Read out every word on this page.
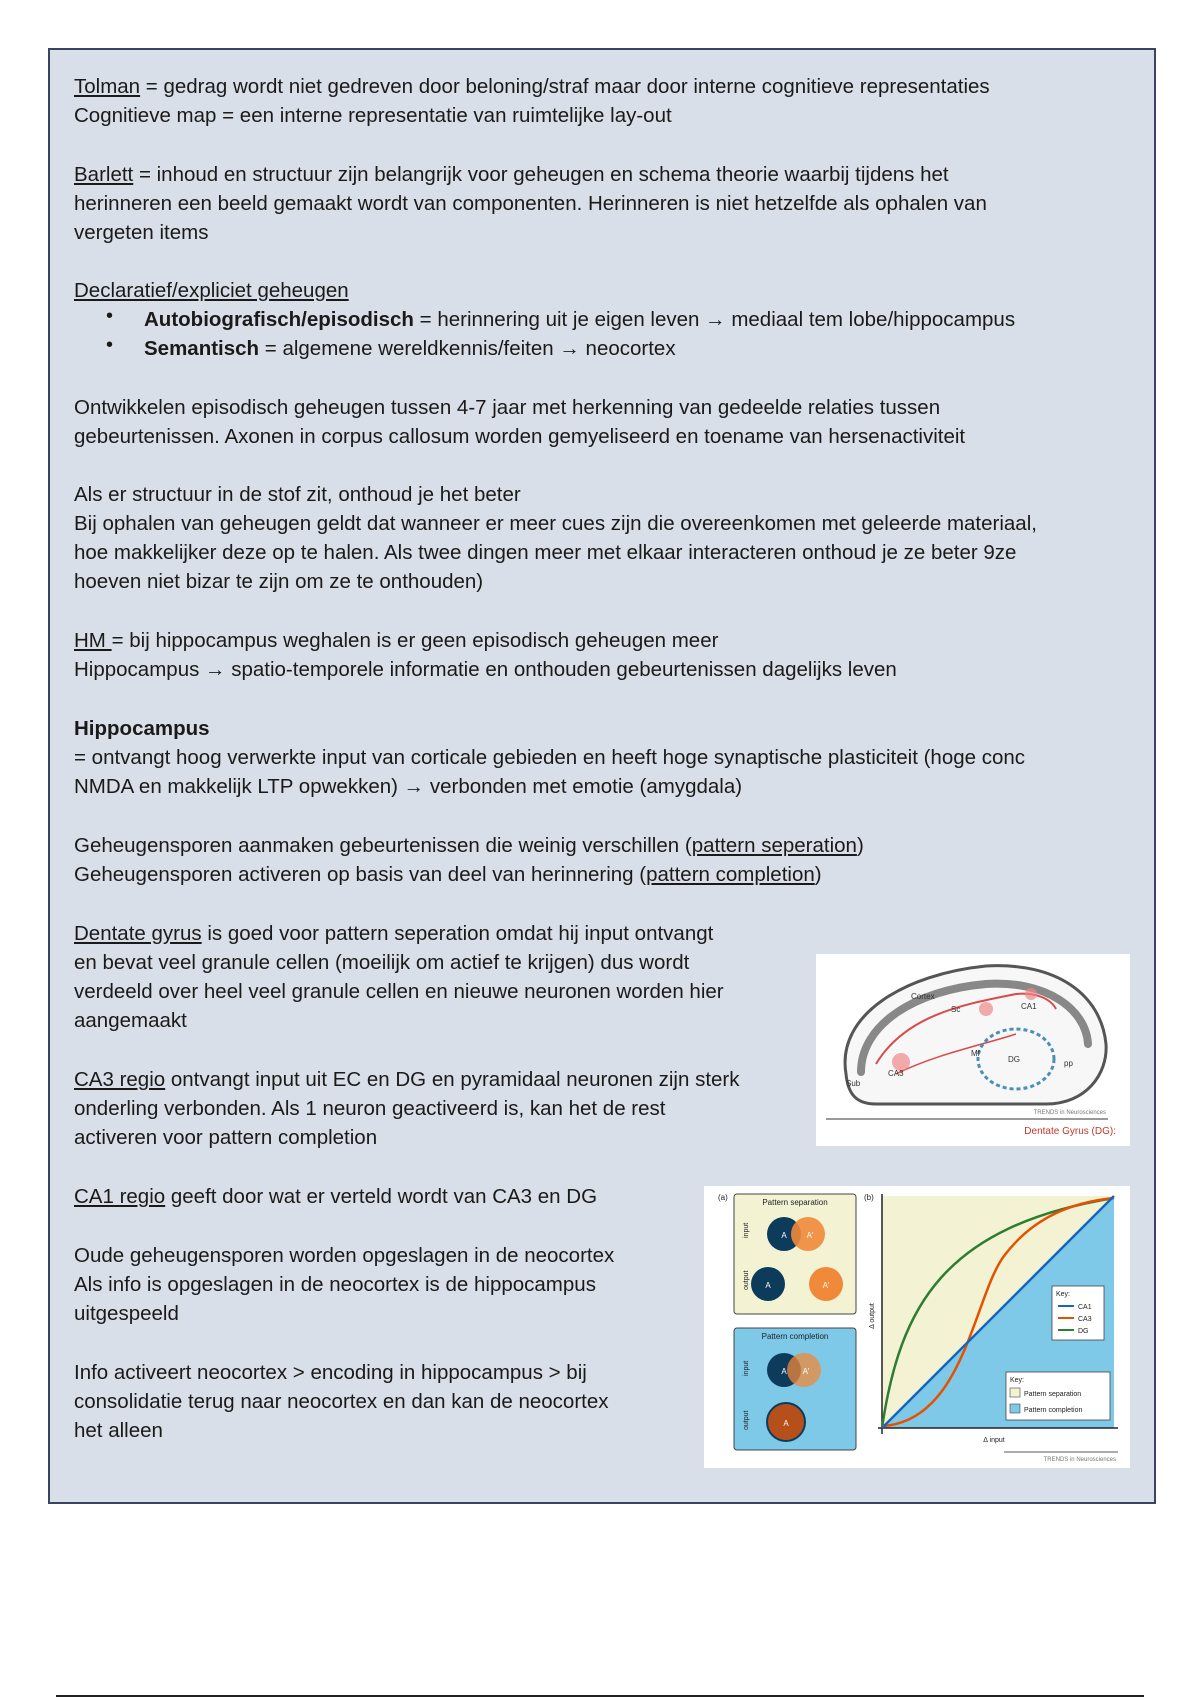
Tolman = gedrag wordt niet gedreven door beloning/straf maar door interne cognitieve representaties
Cognitieve map = een interne representatie van ruimtelijke lay-out
Barlett = inhoud en structuur zijn belangrijk voor geheugen en schema theorie waarbij tijdens het
herinneren een beeld gemaakt wordt van componenten. Herinneren is niet hetzelfde als ophalen van
vergeten items
Declaratief/expliciet geheugen
• Autobiografisch/episodisch = herinnering uit je eigen leven → mediaal tem lobe/hippocampus
• Semantisch = algemene wereldkennis/feiten → neocortex
Ontwikkelen episodisch geheugen tussen 4-7 jaar met herkenning van gedeelde relaties tussen
gebeurtenissen. Axonen in corpus callosum worden gemyeliseerd en toename van hersenactiviteit
Als er structuur in de stof zit, onthoud je het beter
Bij ophalen van geheugen geldt dat wanneer er meer cues zijn die overeenkomen met geleerde materiaal,
hoe makkelijker deze op te halen. Als twee dingen meer met elkaar interacteren onthoud je ze beter 9ze
hoeven niet bizar te zijn om ze te onthouden)
HM = bij hippocampus weghalen is er geen episodisch geheugen meer
Hippocampus → spatio-temporele informatie en onthouden gebeurtenissen dagelijks leven
Hippocampus
= ontvangt hoog verwerkte input van corticale gebieden en heeft hoge synaptische plasticiteit (hoge conc
NMDA en makkelijk LTP opwekken) → verbonden met emotie (amygdala)
Geheugensporen aanmaken gebeurtenissen die weinig verschillen (pattern seperation)
Geheugensporen activeren op basis van deel van herinnering (pattern completion)
Dentate gyrus is goed voor pattern seperation omdat hij input ontvangt
en bevat veel granule cellen (moeilijk om actief te krijgen) dus wordt
verdeeld over heel veel granule cellen en nieuwe neuronen worden hier
aangemaakt
CA3 regio ontvangt input uit EC en DG en pyramidaal neuronen zijn sterk
onderling verbonden. Als 1 neuron geactiveerd is, kan het de rest
activeren voor pattern completion
CA1 regio geeft door wat er verteld wordt van CA3 en DG
Oude geheugensporen worden opgeslagen in de neocortex
Als info is opgeslagen in de neocortex is de hippocampus
uitgespeeld
Info activeert neocortex > encoding in hippocampus > bij
consolidatie terug naar neocortex en dan kan de neocortex
het alleen
Cortex
Sc	CA1
CA3
DG
Mf
pp
Sub
TRENDS in Neurosciences
Dentate Gyrus (DG):
(a)
Pattern separation
input
output
A A'
A	A'
Pattern completion
input
output
A A'
A
(b)
Δ output
Δ input
Key:
CA1
CA3
DG
Key:
Pattern separation
Pattern completion
TRENDS in Neurosciences
